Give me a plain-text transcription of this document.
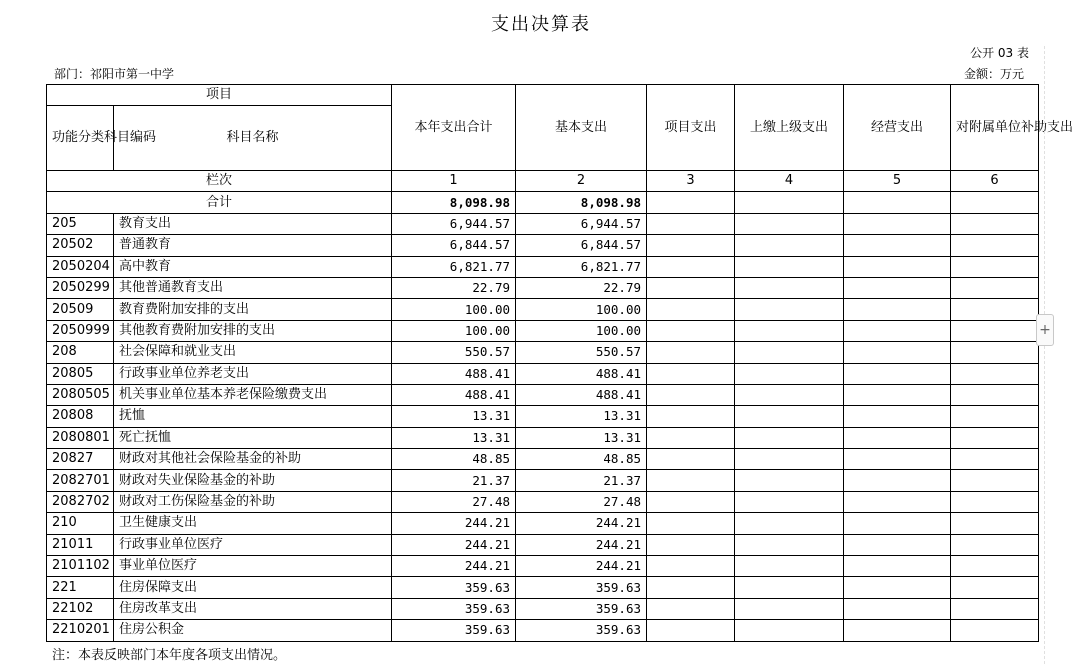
支出决算表
公开 03 表
部门：祁阳市第一中学	金额：万元
项目		本年支出合计	基本支出	项目支出	上缴上级支出	经营支出	对附属单位补助支出
功能分类科目编码	科目名称						
栏次		1	2	3	4	5	6
合计		8,098.98	8,098.98				
205	教育支出	6,944.57	6,944.57				
20502	普通教育	6,844.57	6,844.57				
2050204	高中教育	6,821.77	6,821.77				
2050299	其他普通教育支出	22.79	22.79				
20509	教育费附加安排的支出	100.00	100.00				
2050999	其他教育费附加安排的支出	100.00	100.00				
208	社会保障和就业支出	550.57	550.57				
20805	行政事业单位养老支出	488.41	488.41				
2080505	机关事业单位基本养老保险缴费支出	488.41	488.41				
20808	抚恤	13.31	13.31				
2080801	死亡抚恤	13.31	13.31				
20827	财政对其他社会保险基金的补助	48.85	48.85				
2082701	财政对失业保险基金的补助	21.37	21.37				
2082702	财政对工伤保险基金的补助	27.48	27.48				
210	卫生健康支出	244.21	244.21				
21011	行政事业单位医疗	244.21	244.21				
2101102	事业单位医疗	244.21	244.21				
221	住房保障支出	359.63	359.63				
22102	住房改革支出	359.63	359.63				
2210201	住房公积金	359.63	359.63				
注：本表反映部门本年度各项支出情况。
+
